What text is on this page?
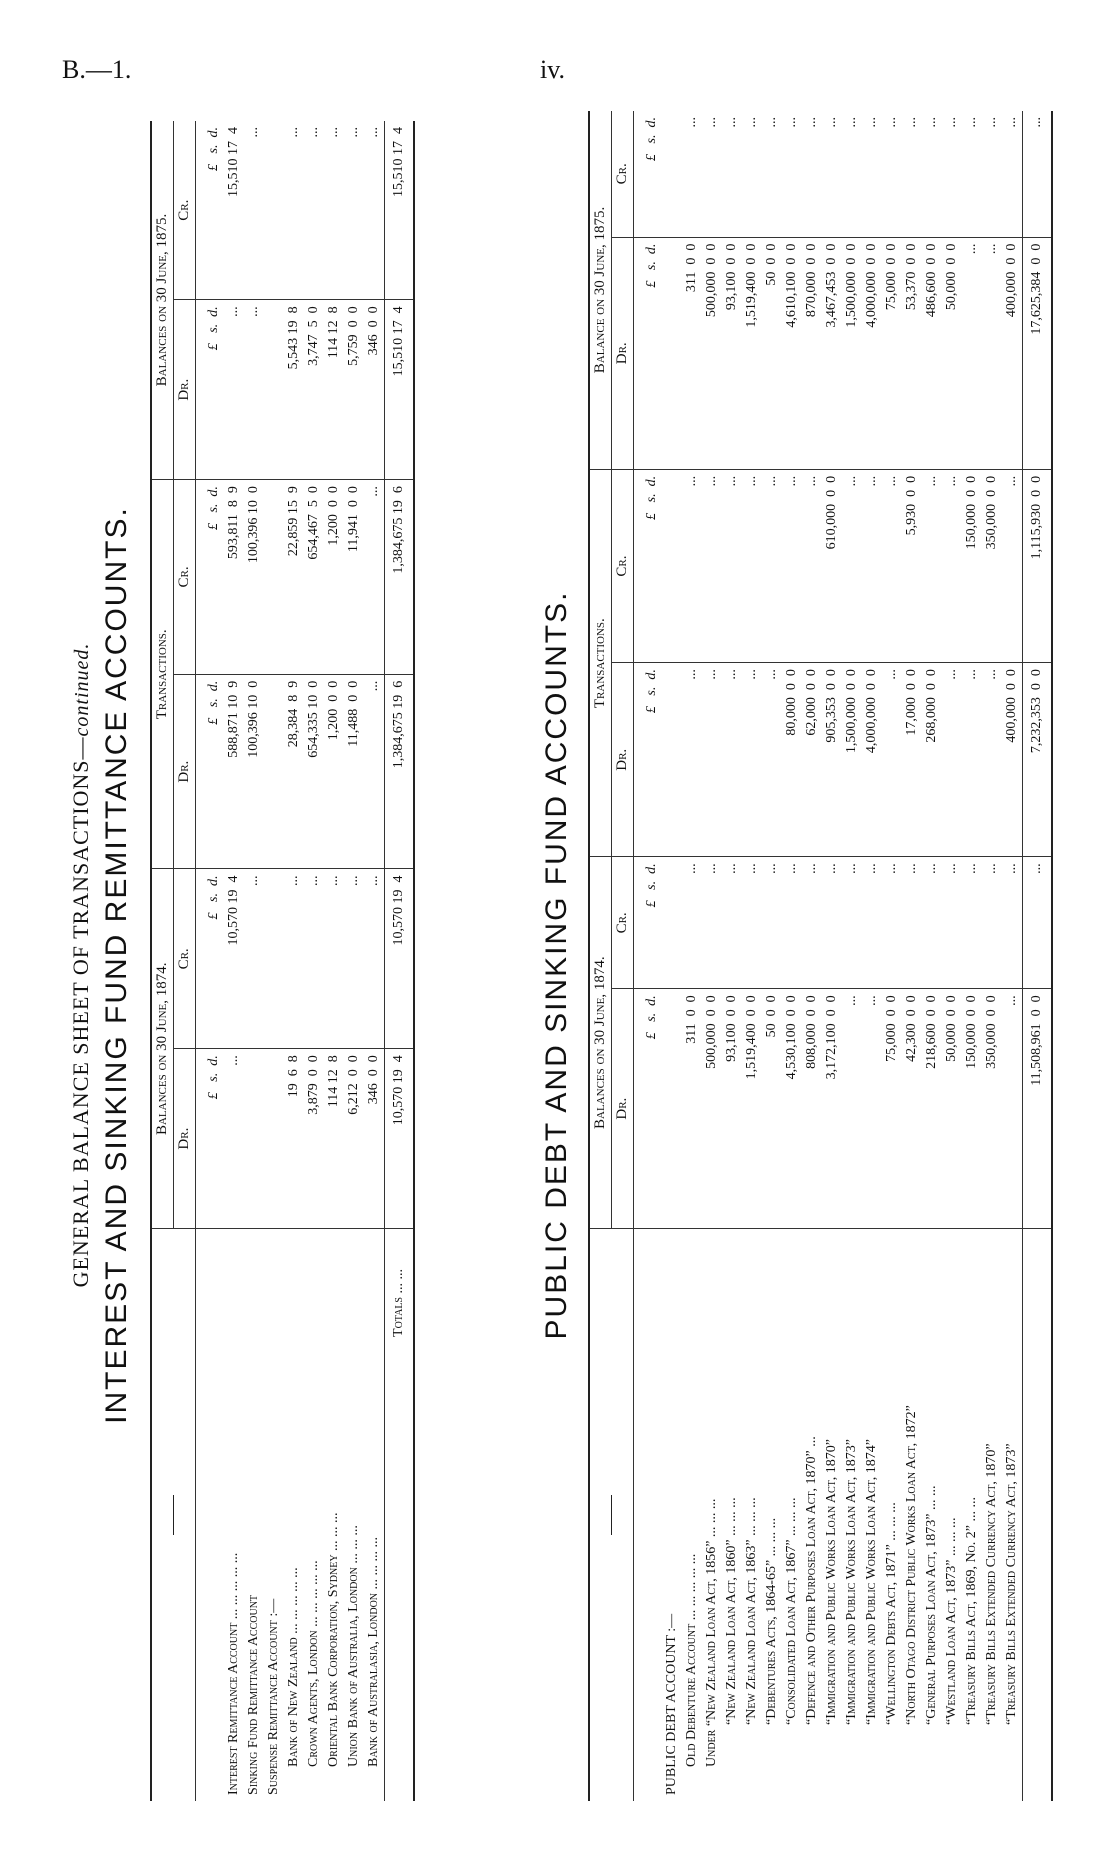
B.—1.	iv.
GENERAL BALANCE SHEET OF TRANSACTIONS—continued. INTEREST AND SINKING FUND REMITTANCE ACCOUNTS.
	Balances on 30 June, 1874.		Transactions.		Balances on 30 June, 1875.	
	Dr.	Cr.	Dr.	Cr.	Dr.	Cr.
	£   s.  d.	£   s.  d.	£   s.  d.	£   s.  d.	£   s.  d.	£   s.  d.
Interest Remittance Account ... ... ... ... ...	...	10,570 19  4	588,871 10  9	593,811  8  9	...	15,510 17  4
Sinking Fund Remittance Account		...	100,396 10  0	100,396 10  0	...	...
Suspense Remittance Account :—						
Bank of New Zealand ... ... ... ... ...	19  6  8	...	28,384  8  9	22,859 15  9	5,543 19  8	...
Crown Agents, London ... ... ... ... ...	3,879  0  0	...	654,335 10  0	654,467  5  0	3,747  5  0	...
Oriental Bank Corporation, Sydney ... ... ...	114 12  8	...	1,200  0  0	1,200  0  0	114 12  8	...
Union Bank of Australia, London ... ... ...	6,212  0  0	...	11,488  0  0	11,941  0  0	5,759  0  0	...
Bank of Australasia, London ... ... ... ...	346  0  0	...	...	...	346  0  0	...
Totals ... ...	10,570 19  4	10,570 19  4	1,384,675 19  6	1,384,675 19  6	15,510 17  4	15,510 17  4
PUBLIC DEBT AND SINKING FUND ACCOUNTS.
	Balances on 30 June, 1874.		Transactions.		Balance on 30 June, 1875.	
	Dr.	Cr.	Dr.	Cr.	Dr.	Cr.
	£   s.  d.	£   s.  d.	£   s.  d.	£   s.  d.	£   s.  d.	£   s.  d.
PUBLIC DEBT ACCOUNT :—						
Old Debenture Account ... ... ... ... ...	311  0  0	...	...	...	311  0  0	...
Under “New Zealand Loan Act, 1856” ... ... ...	500,000  0  0	...	...	...	500,000  0  0	...
“New Zealand Loan Act, 1860” ... ... ...	93,100  0  0	...	...	...	93,100  0  0	...
“New Zealand Loan Act, 1863” ... ... ...	1,519,400  0  0	...	...	...	1,519,400  0  0	...
“Debentures Acts, 1864-65” ... ... ...	50  0  0	...	...	...	50  0  0	...
“Consolidated Loan Act, 1867” ... ... ...	4,530,100  0  0	...	80,000  0  0	...	4,610,100  0  0	...
“Defence and Other Purposes Loan Act, 1870” ...	808,000  0  0	...	62,000  0  0	...	870,000  0  0	...
“Immigration and Public Works Loan Act, 1870”	3,172,100  0  0	...	905,353  0  0	610,000  0  0	3,467,453  0  0	...
“Immigration and Public Works Loan Act, 1873”	...	...	1,500,000  0  0	...	1,500,000  0  0	...
“Immigration and Public Works Loan Act, 1874”	...	...	4,000,000  0  0	...	4,000,000  0  0	...
“Wellington Debts Act, 1871” ... ... ...	75,000  0  0	...	...	...	75,000  0  0	...
“North Otago District Public Works Loan Act, 1872”	42,300  0  0	...	17,000  0  0	5,930  0  0	53,370  0  0	...
“General Purposes Loan Act, 1873” ... ...	218,600  0  0	...	268,000  0  0	...	486,600  0  0	...
“Westland Loan Act, 1873” ... ... ...	50,000  0  0	...	...	...	50,000  0  0	...
“Treasury Bills Act, 1869, No. 2” ... ...	150,000  0  0	...	...	150,000  0  0	...	...
“Treasury Bills Extended Currency Act, 1870”	350,000  0  0	...	...	350,000  0  0	...	...
“Treasury Bills Extended Currency Act, 1873”	...	...	400,000  0  0	...	400,000  0  0	...
	11,508,961  0  0	...	7,232,353  0  0	1,115,930  0  0	17,625,384  0  0	...
